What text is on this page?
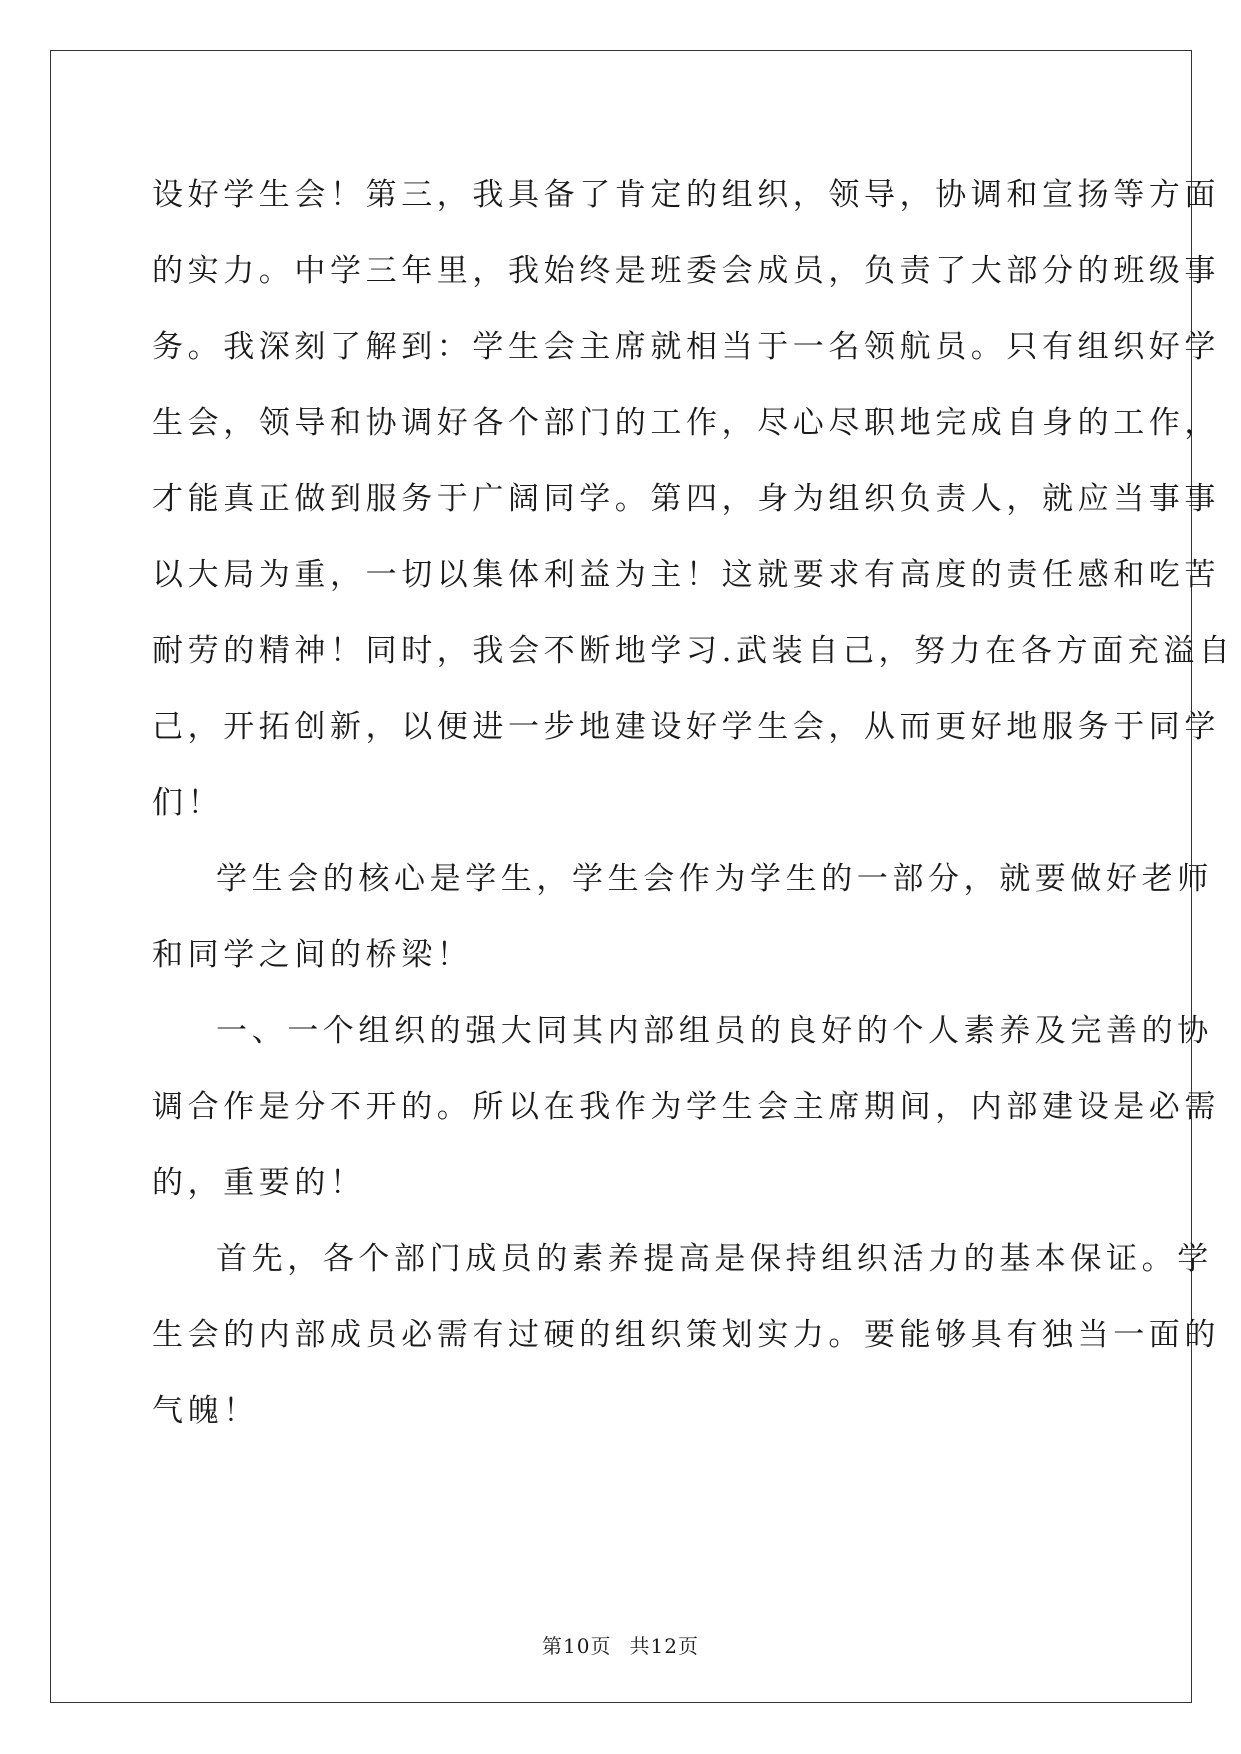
设好学生会！第三，我具备了肯定的组织，领导，协调和宣扬等方面
的实力。中学三年里，我始终是班委会成员，负责了大部分的班级事
务。我深刻了解到：学生会主席就相当于一名领航员。只有组织好学
生会，领导和协调好各个部门的工作，尽心尽职地完成自身的工作，
才能真正做到服务于广阔同学。第四，身为组织负责人，就应当事事
以大局为重，一切以集体利益为主！这就要求有高度的责任感和吃苦
耐劳的精神！同时，我会不断地学习.武装自己，努力在各方面充溢自
己，开拓创新，以便进一步地建设好学生会，从而更好地服务于同学
们！
学生会的核心是学生，学生会作为学生的一部分，就要做好老师
和同学之间的桥梁！
一、一个组织的强大同其内部组员的良好的个人素养及完善的协
调合作是分不开的。所以在我作为学生会主席期间，内部建设是必需
的，重要的！
首先，各个部门成员的素养提高是保持组织活力的基本保证。学
生会的内部成员必需有过硬的组织策划实力。要能够具有独当一面的
气魄！
第10页 共12页
